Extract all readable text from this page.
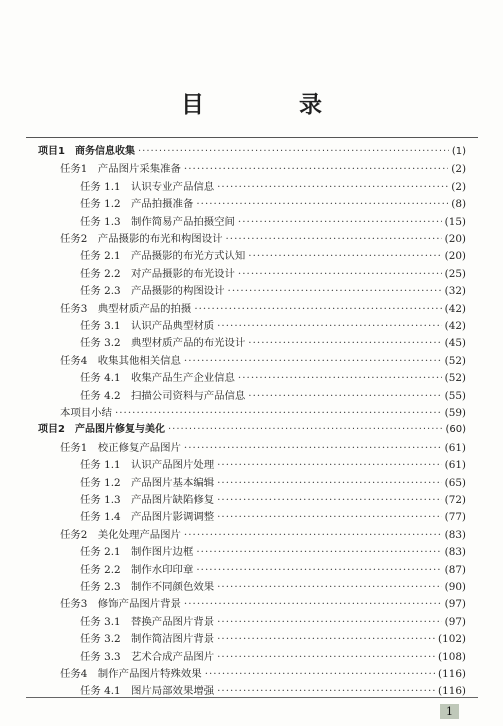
目　录
项目1　商务信息收集 ·····	(1)
任务1　产品图片采集准备 ·····	(2)
任务 1.1　认识专业产品信息 ·····	(2)
任务 1.2　产品拍摄准备 ·····	(8)
任务 1.3　制作简易产品拍摄空间 ·····	(15)
任务2　产品摄影的布光和构图设计 ·····	(20)
任务 2.1　产品摄影的布光方式认知 ·····	(20)
任务 2.2　对产品摄影的布光设计 ·····	(25)
任务 2.3　产品摄影的构图设计 ·····	(32)
任务3　典型材质产品的拍摄 ·····	(42)
任务 3.1　认识产品典型材质 ·····	(42)
任务 3.2　典型材质产品的布光设计 ·····	(45)
任务4　收集其他相关信息 ·····	(52)
任务 4.1　收集产品生产企业信息 ·····	(52)
任务 4.2　扫描公司资料与产品信息 ·····	(55)
本项目小结 ·····	(59)
项目2　产品图片修复与美化 ·····	(60)
任务1　校正修复产品图片 ·····	(61)
任务 1.1　认识产品图片处理 ·····	(61)
任务 1.2　产品图片基本编辑 ·····	(65)
任务 1.3　产品图片缺陷修复 ·····	(72)
任务 1.4　产品图片影调调整 ·····	(77)
任务2　美化处理产品图片 ·····	(83)
任务 2.1　制作图片边框 ·····	(83)
任务 2.2　制作水印印章 ·····	(87)
任务 2.3　制作不同颜色效果 ·····	(90)
任务3　修饰产品图片背景 ·····	(97)
任务 3.1　替换产品图片背景 ·····	(97)
任务 3.2　制作简洁图片背景 ·····	(102)
任务 3.3　艺术合成产品图片 ·····	(108)
任务4　制作产品图片特殊效果 ·····	(116)
任务 4.1　图片局部效果增强 ·····	(116)
1
